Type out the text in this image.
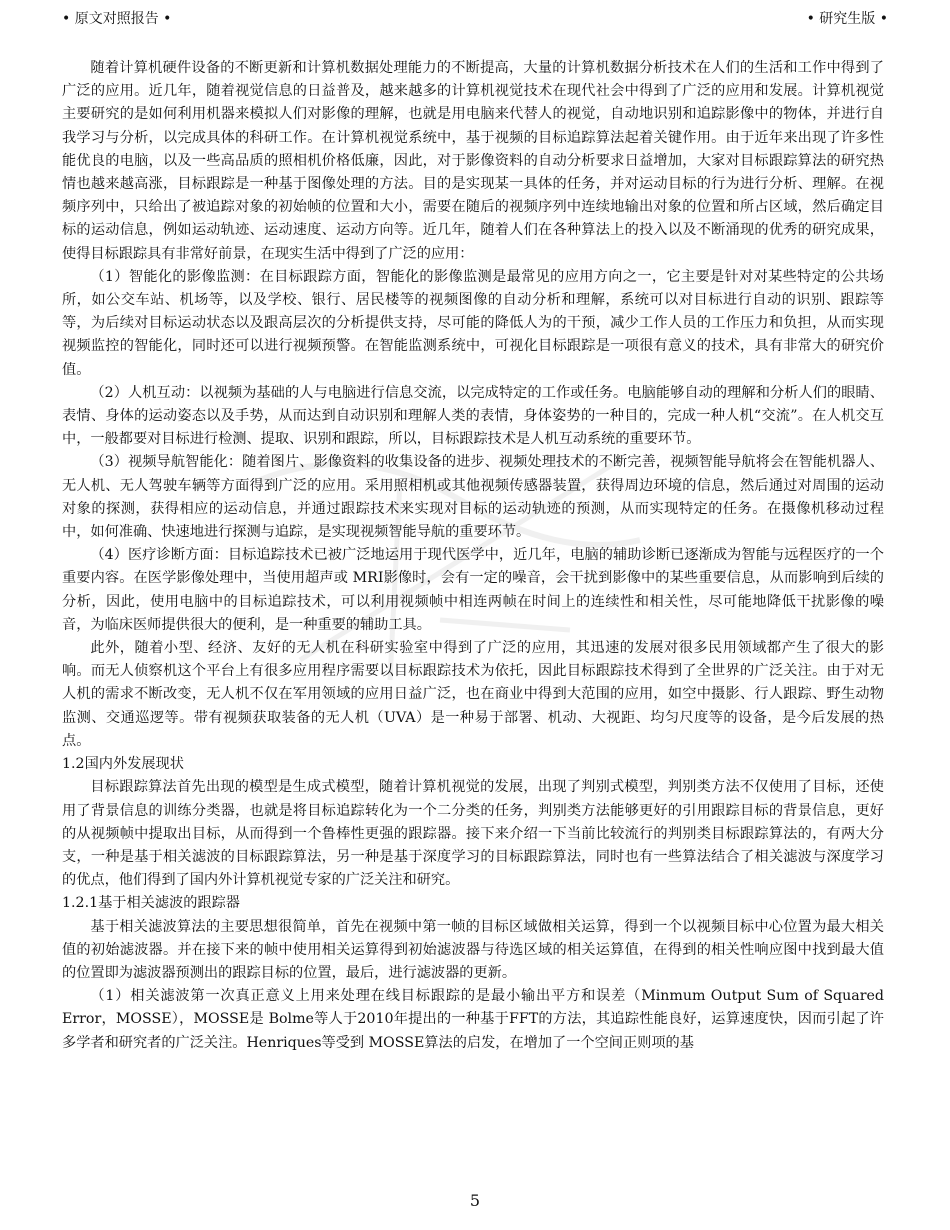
• 原文对照报告 •	• 研究生版 •

随着计算机硬件设备的不断更新和计算机数据处理能力的不断提高，大量的计算机数据分析技术在人们的生活和工作中得到了广泛的应用。近几年，随着视觉信息的日益普及，越来越多的计算机视觉技术在现代社会中得到了广泛的应用和发展。计算机视觉主要研究的是如何利用机器来模拟人们对影像的理解，也就是用电脑来代替人的视觉，自动地识别和追踪影像中的物体，并进行自我学习与分析，以完成具体的科研工作。在计算机视觉系统中，基于视频的目标追踪算法起着关键作用。由于近年来出现了许多性能优良的电脑，以及一些高品质的照相机价格低廉，因此，对于影像资料的自动分析要求日益增加，大家对目标跟踪算法的研究热情也越来越高涨，目标跟踪是一种基于图像处理的方法。目的是实现某一具体的任务，并对运动目标的行为进行分析、理解。在视频序列中，只给出了被追踪对象的初始帧的位置和大小，需要在随后的视频序列中连续地输出对象的位置和所占区域，然后确定目标的运动信息，例如运动轨迹、运动速度、运动方向等。近几年，随着人们在各种算法上的投入以及不断涌现的优秀的研究成果，使得目标跟踪具有非常好前景，在现实生活中得到了广泛的应用：

（1）智能化的影像监测：在目标跟踪方面，智能化的影像监测是最常见的应用方向之一，它主要是针对对某些特定的公共场所，如公交车站、机场等，以及学校、银行、居民楼等的视频图像的自动分析和理解，系统可以对目标进行自动的识别、跟踪等等，为后续对目标运动状态以及跟高层次的分析提供支持，尽可能的降低人为的干预，减少工作人员的工作压力和负担，从而实现视频监控的智能化，同时还可以进行视频预警。在智能监测系统中，可视化目标跟踪是一项很有意义的技术，具有非常大的研究价值。

（2）人机互动：以视频为基础的人与电脑进行信息交流，以完成特定的工作或任务。电脑能够自动的理解和分析人们的眼睛、表情、身体的运动姿态以及手势，从而达到自动识别和理解人类的表情，身体姿势的一种目的，完成一种人机“交流”。在人机交互中，一般都要对目标进行检测、提取、识别和跟踪，所以，目标跟踪技术是人机互动系统的重要环节。

（3）视频导航智能化：随着图片、影像资料的收集设备的进步、视频处理技术的不断完善，视频智能导航将会在智能机器人、无人机、无人驾驶车辆等方面得到广泛的应用。采用照相机或其他视频传感器装置，获得周边环境的信息，然后通过对周围的运动对象的探测，获得相应的运动信息，并通过跟踪技术来实现对目标的运动轨迹的预测，从而实现特定的任务。在摄像机移动过程中，如何准确、快速地进行探测与追踪，是实现视频智能导航的重要环节。

（4）医疗诊断方面：目标追踪技术已被广泛地运用于现代医学中，近几年，电脑的辅助诊断已逐渐成为智能与远程医疗的一个重要内容。在医学影像处理中，当使用超声或 MRI影像时，会有一定的噪音，会干扰到影像中的某些重要信息，从而影响到后续的分析，因此，使用电脑中的目标追踪技术，可以利用视频帧中相连两帧在时间上的连续性和相关性，尽可能地降低干扰影像的噪音，为临床医师提供很大的便利，是一种重要的辅助工具。

此外，随着小型、经济、友好的无人机在科研实验室中得到了广泛的应用，其迅速的发展对很多民用领域都产生了很大的影响。而无人侦察机这个平台上有很多应用程序需要以目标跟踪技术为依托，因此目标跟踪技术得到了全世界的广泛关注。由于对无人机的需求不断改变，无人机不仅在军用领域的应用日益广泛，也在商业中得到大范围的应用，如空中摄影、行人跟踪、野生动物监测、交通巡逻等。带有视频获取装备的无人机（UVA）是一种易于部署、机动、大视距、均匀尺度等的设备，是今后发展的热点。

1.2国内外发展现状

目标跟踪算法首先出现的模型是生成式模型，随着计算机视觉的发展，出现了判别式模型，判别类方法不仅使用了目标，还使用了背景信息的训练分类器，也就是将目标追踪转化为一个二分类的任务，判别类方法能够更好的引用跟踪目标的背景信息，更好的从视频帧中提取出目标，从而得到一个鲁棒性更强的跟踪器。接下来介绍一下当前比较流行的判别类目标跟踪算法的，有两大分支，一种是基于相关滤波的目标跟踪算法，另一种是基于深度学习的目标跟踪算法，同时也有一些算法结合了相关滤波与深度学习的优点，他们得到了国内外计算机视觉专家的广泛关注和研究。

1.2.1基于相关滤波的跟踪器

基于相关滤波算法的主要思想很简单，首先在视频中第一帧的目标区域做相关运算，得到一个以视频目标中心位置为最大相关值的初始滤波器。并在接下来的帧中使用相关运算得到初始滤波器与待选区域的相关运算值，在得到的相关性响应图中找到最大值的位置即为滤波器预测出的跟踪目标的位置，最后，进行滤波器的更新。

（1）相关滤波第一次真正意义上用来处理在线目标跟踪的是最小输出平方和误差（Minmum Output Sum of Squared Error，MOSSE），MOSSE是 Bolme等人于2010年提出的一种基于FFT的方法，其追踪性能良好，运算速度快，因而引起了许多学者和研究者的广泛关注。Henriques等受到 MOSSE算法的启发，在增加了一个空间正则项的基

5
